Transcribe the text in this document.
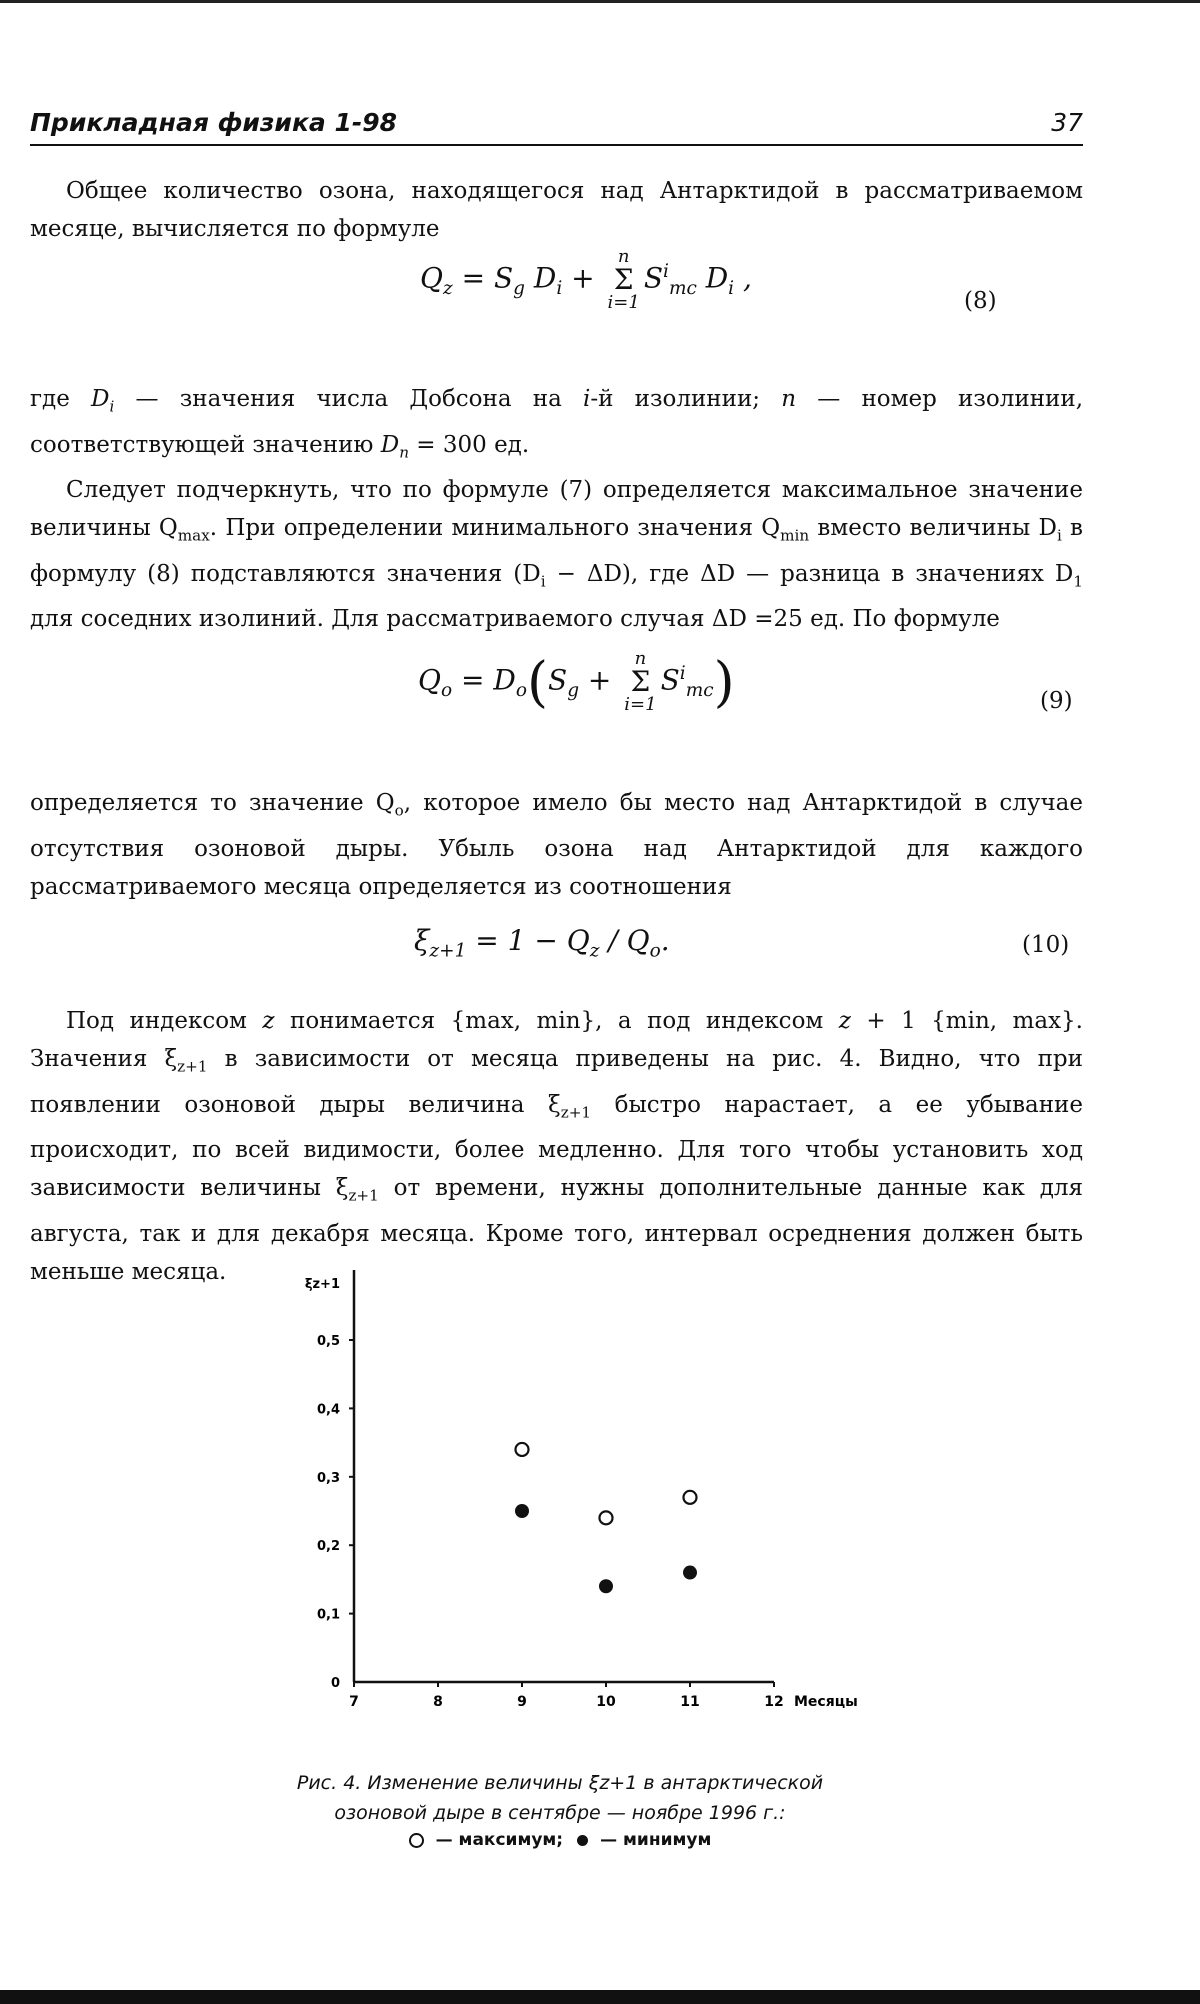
Прикладная физика 1-98	37

Общее количество озона, находящегося над Антарктидой в рассматриваемом месяце, вычисляется по формуле

$Q_z = S_g$ $D_i$ +
n
Σ
i=1
$S^i_{mc}$ $D_i$ ,
(8)

где $D_i$ — значения числа Добсона на i-й изолинии; n — номер изолинии, соответствующей значению $D_n = 300$ ед.

Следует подчеркнуть, что по формуле (7) определяется максимальное значение величины $Q_{max}$. При определении минимального значения $Q_{min}$ вместо величины $D_i$ в формулу (8) подставляются значения $(D_i - \Delta D)$, где ΔD — разница в значениях $D_1$ для соседних изолиний. Для рассматриваемого случая ΔD =25 ед. По формуле

$Q_o = D_o(S_g$ +
n
Σ
i=1
$S^i_{mc}$)	(9)

определяется то значение $Q_o$, которое имело бы место над Антарктидой в случае отсутствия озоновой дыры. Убыль озона над Антарктидой для каждого рассматриваемого месяца определяется из соотношения

$\xi_{z+1} = 1 - Q_z / Q_o$.	(10)

Под индексом z понимается {max, min}, а под индексом z + 1 {min, max}. Значения $\xi_{z+1}$ в зависимости от месяца приведены на рис. 4. Видно, что при появлении озоновой дыры величина $\xi_{z+1}$ быстро нарастает, а ее убывание происходит, по всей видимости, более медленно. Для того чтобы установить ход зависимости величины $\xi_{z+1}$ от времени, нужны дополнительные данные как для августа, так и для декабря месяца. Кроме того, интервал осреднения должен быть меньше месяца.

0
0,1
0,2
0,3
0,4
0,5
ξz+1
7	8	9	10	11	12 Месяцы
Рис. 4. Изменение величины ξz+1 в антарктической
озоновой дыре в сентябре — ноябре 1996 г.:
— максимум; — минимум
